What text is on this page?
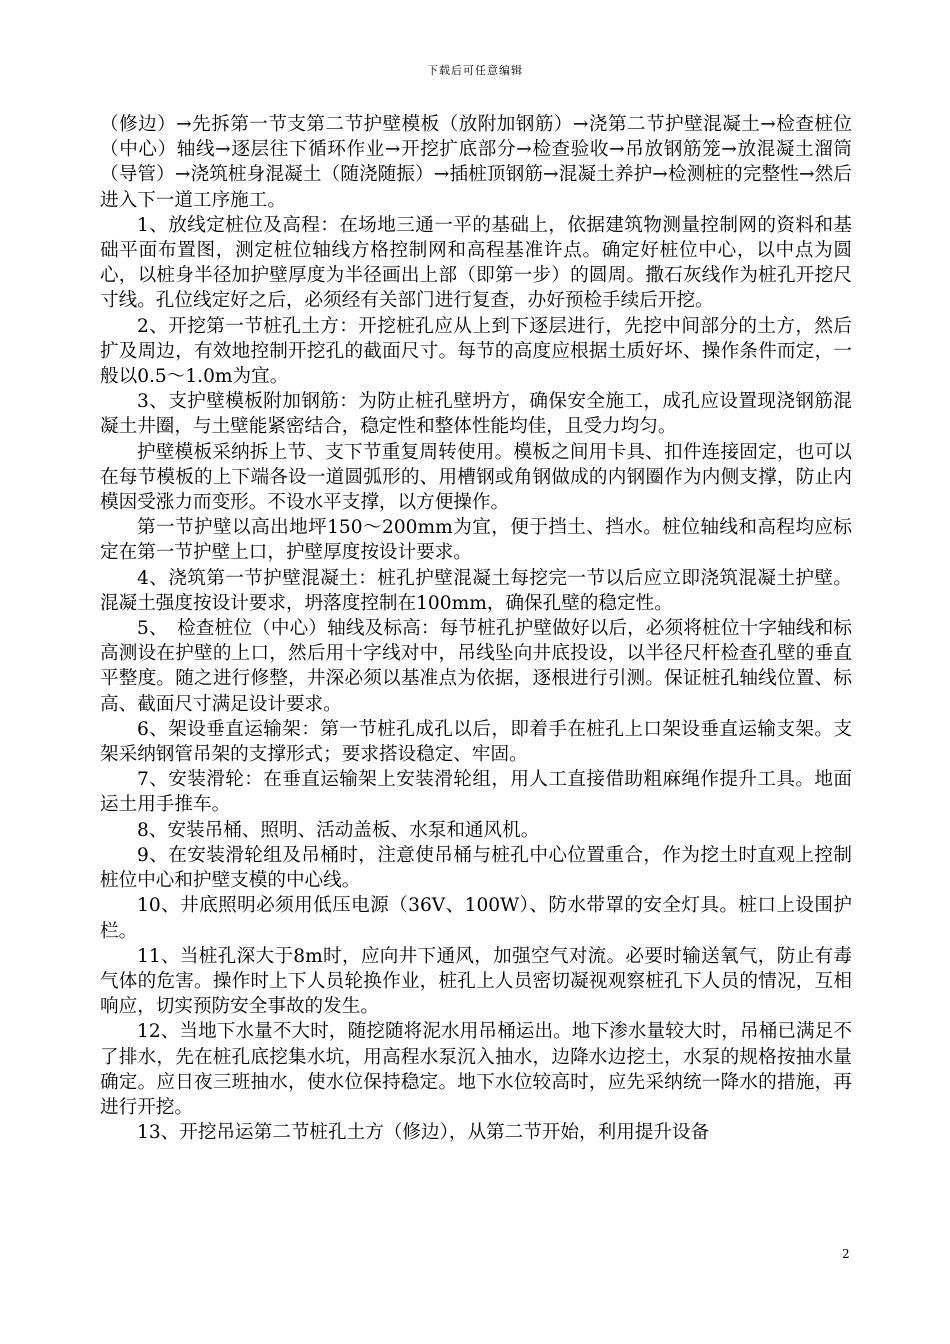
下载后可任意编辑

（修边）→先拆第一节支第二节护壁模板（放附加钢筋）→浇第二节护壁混凝土→检查桩位（中心）轴线→逐层往下循环作业→开挖扩底部分→检查验收→吊放钢筋笼→放混凝土溜筒（导管）→浇筑桩身混凝土（随浇随振）→插桩顶钢筋→混凝土养护→检测桩的完整性→然后进入下一道工序施工。

1、放线定桩位及高程：在场地三通一平的基础上，依据建筑物测量控制网的资料和基础平面布置图，测定桩位轴线方格控制网和高程基准许点。确定好桩位中心，以中点为圆心，以桩身半径加护壁厚度为半径画出上部（即第一步）的圆周。撒石灰线作为桩孔开挖尺寸线。孔位线定好之后，必须经有关部门进行复查，办好预检手续后开挖。

2、开挖第一节桩孔土方：开挖桩孔应从上到下逐层进行，先挖中间部分的土方，然后扩及周边，有效地控制开挖孔的截面尺寸。每节的高度应根据土质好坏、操作条件而定，一般以0.5～1.0m为宜。

3、支护壁模板附加钢筋：为防止桩孔壁坍方，确保安全施工，成孔应设置现浇钢筋混凝土井圈，与土壁能紧密结合，稳定性和整体性能均佳，且受力均匀。

护壁模板采纳拆上节、支下节重复周转使用。模板之间用卡具、扣件连接固定，也可以在每节模板的上下端各设一道圆弧形的、用槽钢或角钢做成的内钢圈作为内侧支撑，防止内模因受涨力而变形。不设水平支撑，以方便操作。

第一节护壁以高出地坪150～200mm为宜，便于挡土、挡水。桩位轴线和高程均应标定在第一节护壁上口，护壁厚度按设计要求。

4、浇筑第一节护壁混凝土：桩孔护壁混凝土每挖完一节以后应立即浇筑混凝土护壁。混凝土强度按设计要求，坍落度控制在100mm，确保孔壁的稳定性。

5、　检查桩位（中心）轴线及标高：每节桩孔护壁做好以后，必须将桩位十字轴线和标高测设在护壁的上口，然后用十字线对中，吊线坠向井底投设，以半径尺杆检查孔壁的垂直平整度。随之进行修整，井深必须以基准点为依据，逐根进行引测。保证桩孔轴线位置、标高、截面尺寸满足设计要求。

6、架设垂直运输架：第一节桩孔成孔以后，即着手在桩孔上口架设垂直运输支架。支架采纳钢管吊架的支撑形式；要求搭设稳定、牢固。

7、安装滑轮：在垂直运输架上安装滑轮组，用人工直接借助粗麻绳作提升工具。地面运土用手推车。

8、安装吊桶、照明、活动盖板、水泵和通风机。

9、在安装滑轮组及吊桶时，注意使吊桶与桩孔中心位置重合，作为挖土时直观上控制桩位中心和护壁支模的中心线。

10、井底照明必须用低压电源（36V、100W）、防水带罩的安全灯具。桩口上设围护栏。

11、当桩孔深大于8m时，应向井下通风，加强空气对流。必要时输送氧气，防止有毒气体的危害。操作时上下人员轮换作业，桩孔上人员密切凝视观察桩孔下人员的情况，互相响应，切实预防安全事故的发生。

12、当地下水量不大时，随挖随将泥水用吊桶运出。地下渗水量较大时，吊桶已满足不了排水，先在桩孔底挖集水坑，用高程水泵沉入抽水，边降水边挖土，水泵的规格按抽水量确定。应日夜三班抽水，使水位保持稳定。地下水位较高时，应先采纳统一降水的措施，再进行开挖。

13、开挖吊运第二节桩孔土方（修边），从第二节开始，利用提升设备

2
